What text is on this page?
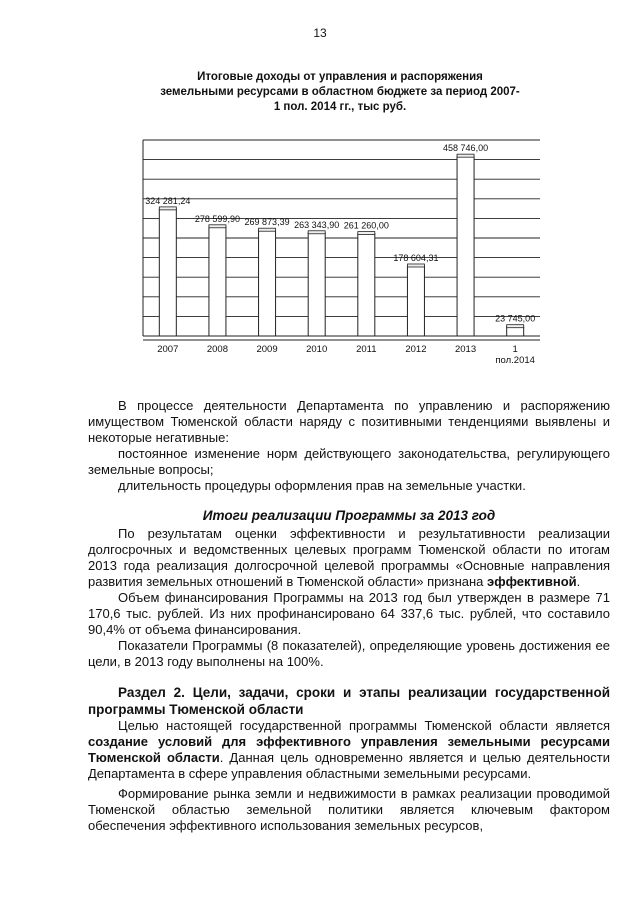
13
Итоговые доходы от управления и распоряжения земельными ресурсами в областном бюджете за период 2007- 1 пол. 2014 гг., тыс руб.
324 281,24
278 599,90 269 873,39 263 343,90 261 260,00
178 604,31
458 746,00
23 745,00
2007	2008	2009	2010	2011	2012	2013	1
пол.2014

В процессе деятельности Департамента по управлению и распоряжению имуществом Тюменской области наряду с позитивными тенденциями выявлены и некоторые негативные:

постоянное изменение норм действующего законодательства, регулирующего земельные вопросы;

длительность процедуры оформления прав на земельные участки.

Итоги реализации Программы за 2013 год

По результатам оценки эффективности и результативности реализации долгосрочных и ведомственных целевых программ Тюменской области по итогам 2013 года реализация долгосрочной целевой программы «Основные направления развития земельных отношений в Тюменской области» признана эффективной.

Объем финансирования Программы на 2013 год был утвержден в размере 71 170,6 тыс. рублей. Из них профинансировано 64 337,6 тыс. рублей, что составило 90,4% от объема финансирования.

Показатели Программы (8 показателей), определяющие уровень достижения ее цели, в 2013 году выполнены на 100%.

Раздел 2. Цели, задачи, сроки и этапы реализации государственной программы Тюменской области

Целью настоящей государственной программы Тюменской области является создание условий для эффективного управления земельными ресурсами Тюменской области. Данная цель одновременно является и целью деятельности Департамента в сфере управления областными земельными ресурсами.

Формирование рынка земли и недвижимости в рамках реализации проводимой Тюменской областью земельной политики является ключевым фактором обеспечения эффективного использования земельных ресурсов,
